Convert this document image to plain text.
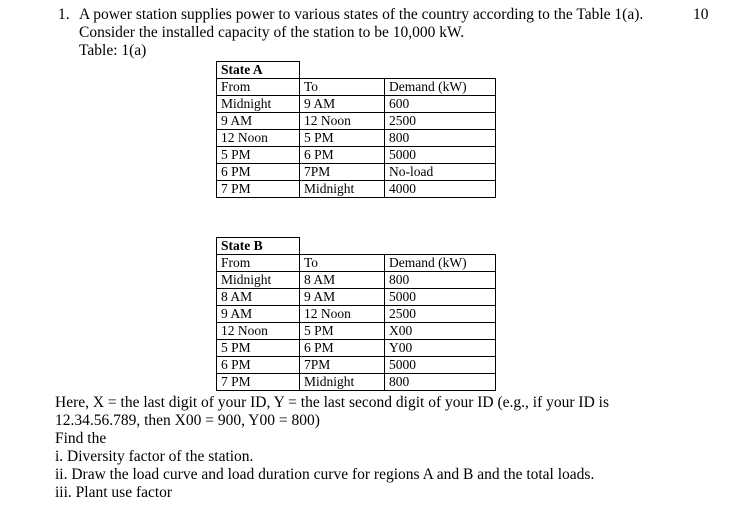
1. A power station supplies power to various states of the country according to the Table 1(a).	10
Consider the installed capacity of the station to be 10,000 kW.
Table: 1(a)
State A		
From	To	Demand (kW)
Midnight	9 AM	600
9 AM	12 Noon	2500
12 Noon	5 PM	800
5 PM	6 PM	5000
6 PM	7PM	No-load
7 PM	Midnight	4000
State B		
From	To	Demand (kW)
Midnight	8 AM	800
8 AM	9 AM	5000
9 AM	12 Noon	2500
12 Noon	5 PM	X00
5 PM	6 PM	Y00
6 PM	7PM	5000
7 PM	Midnight	800
Here, X = the last digit of your ID, Y = the last second digit of your ID (e.g., if your ID is
12.34.56.789, then X00 = 900, Y00 = 800)
Find the
i. Diversity factor of the station.
ii. Draw the load curve and load duration curve for regions A and B and the total loads.
iii. Plant use factor
